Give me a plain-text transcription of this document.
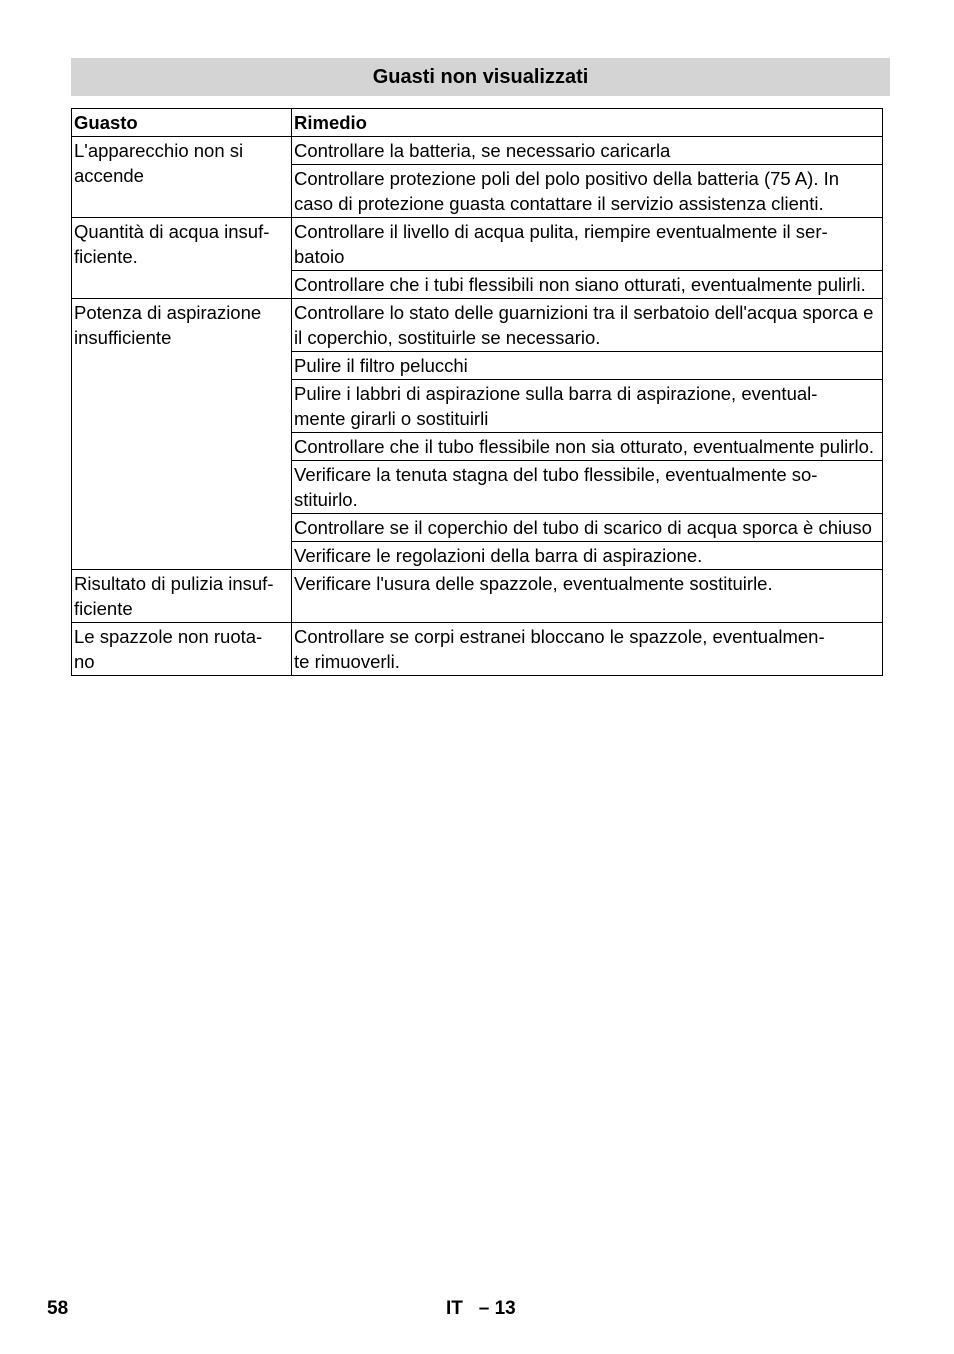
Guasti non visualizzati
Guasto	Rimedio
L'apparecchio non si
accende	Controllare la batteria, se necessario caricarla
	Controllare protezione poli del polo positivo della batteria (75 A). In caso di protezione guasta contattare il servizio assistenza clienti.
Quantità di acqua insuf-
ficiente.	Controllare il livello di acqua pulita, riempire eventualmente il ser-
batoio
	Controllare che i tubi flessibili non siano otturati, eventualmente pulirli.
Potenza di aspirazione
insufficiente	Controllare lo stato delle guarnizioni tra il serbatoio dell'acqua sporca e il coperchio, sostituirle se necessario.
	Pulire il filtro pelucchi
	Pulire i labbri di aspirazione sulla barra di aspirazione, eventual-
mente girarli o sostituirli
	Controllare che il tubo flessibile non sia otturato, eventualmente pulirlo.
	Verificare la tenuta stagna del tubo flessibile, eventualmente so-
stituirlo.
	Controllare se il coperchio del tubo di scarico di acqua sporca è chiuso
	Verificare le regolazioni della barra di aspirazione.
Risultato di pulizia insuf-
ficiente	Verificare l'usura delle spazzole, eventualmente sostituirle.
Le spazzole non ruota-
no	Controllare se corpi estranei bloccano le spazzole, eventualmen-
te rimuoverli.
58	IT   – 13
